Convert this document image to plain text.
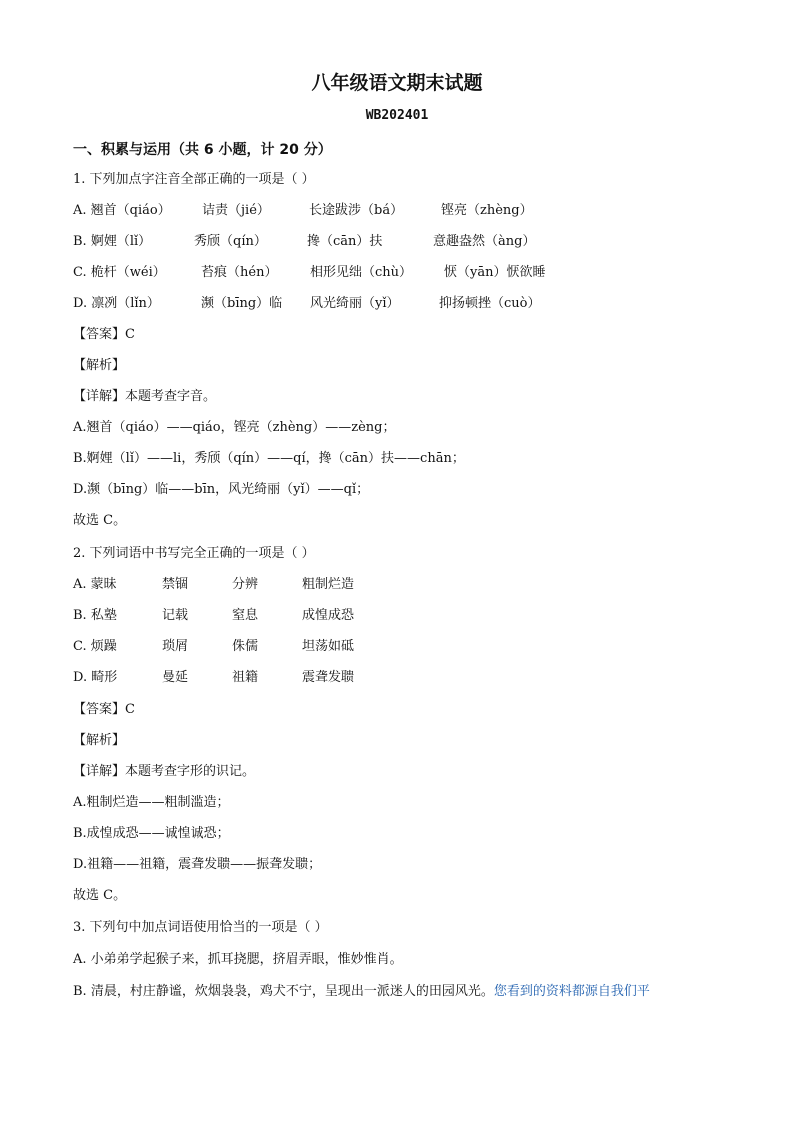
八年级语文期末试题
WB202401
一、积累与运用（共 6 小题，计 20 分）
1. 下列加点字注音全部正确的一项是（ ）
A. 翘首（qiáo） 诘责（jié）	长途跋涉（bá）	铿亮（zhèng）
B. 婀娌（lǐ）	秀颀（qín）	搀（cān）扶	意趣盎然（àng）
C. 桅杆（wéi）	苔痕（hén）	相形见绌（chù） 恹（yān）恹欲睡
D. 凛冽（lǐn）	濒（bīng）临 风光绮丽（yǐ）	抑扬顿挫（cuò）
【答案】C
【解析】
【详解】本题考查字音。
A.翘首（qiáo）——qiáo，铿亮（zhèng）——zèng；
B.婀娌（lǐ）——li，秀颀（qín）——qí，搀（cān）扶——chān；
D.濒（bīng）临——bīn，风光绮丽（yǐ）——qǐ；
故选 C。
2. 下列词语中书写完全正确的一项是（ ）
A. 蒙昧	禁锢	分辨	粗制烂造
B. 私塾	记载	窒息	成惶成恐
C. 烦躁	琐屑	侏儒	坦荡如砥
D. 畸形	曼延	祖籍	震聋发聩
【答案】C
【解析】
【详解】本题考查字形的识记。
A.粗制烂造——粗制滥造；
B.成惶成恐——诚惶诚恐；
D.祖籍——祖籍，震聋发聩——振聋发聩；
故选 C。
3. 下列句中加点词语使用恰当的一项是（ ）
A. 小弟弟学起猴子来，抓耳挠腮，挤眉弄眼，惟妙惟肖。
B. 清晨，村庄静谧，炊烟袅袅，鸡犬不宁，呈现出一派迷人的田园风光。您看到的资料都源自我们平
